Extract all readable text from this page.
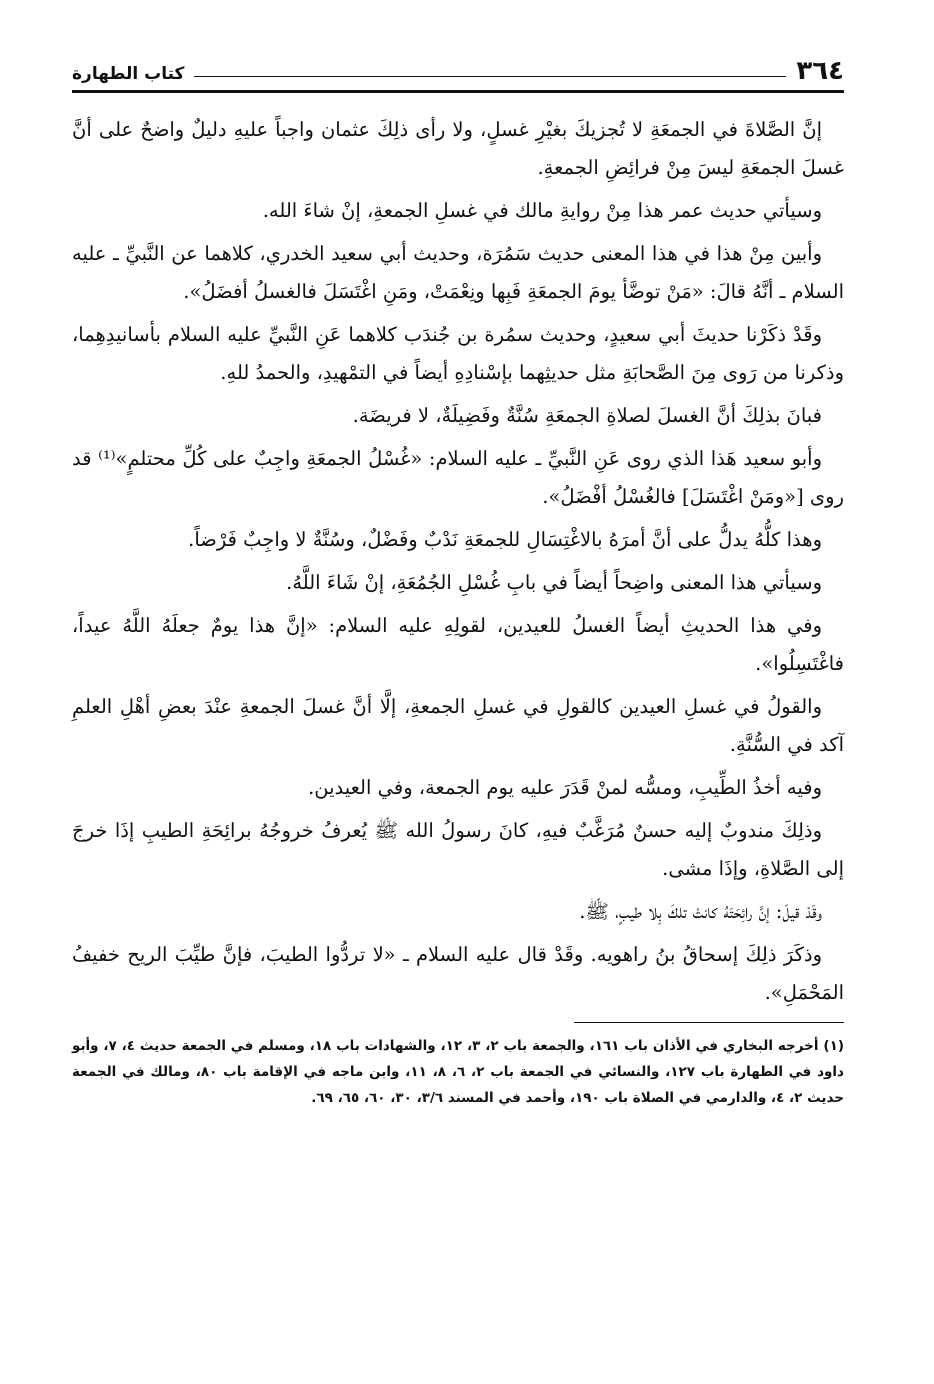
٣٦٤
كتاب الطهارة

إنَّ الصَّلاةَ في الجمعَةِ لا تُجزيكَ بغيْرِ غسلٍ، ولا رأى ذلِكَ عثمان واجباً عليهِ دليلٌ واضحٌ على أنَّ غسلَ الجمعَةِ ليسَ مِنْ فرائِضِ الجمعةِ.

وسيأتي حديث عمر هذا مِنْ روايةِ مالك في غسلِ الجمعةِ، إنْ شاءَ الله.

وأبين مِنْ هذا في هذا المعنى حديث سَمُرَة، وحديث أبي سعيد الخدري، كلاهما عن النَّبيِّ ـ عليه السلام ـ أنَّهُ قالَ: «مَنْ توضَّأ يومَ الجمعَةِ فَبِها ونِعْمَتْ، ومَنِ اغْتَسَلَ فالغسلُ أفضَلُ».

وقَدْ ذكَرْنا حديثَ أبي سعيدٍ، وحديث سمُرة بن جُندَب كلاهما عَنِ النَّبيِّ عليه السلام بأسانيدِهِما، وذكرنا من رَوى مِنَ الصَّحابَةِ مثل حديثِهما بإسْنادِهِ أيضاً في التمْهيدِ، والحمدُ للهِ.

فبانَ بذلِكَ أنَّ الغسلَ لصلاةِ الجمعَةِ سُنَّةٌ وفَضِيلَةٌ، لا فريضَة.

وأبو سعيد هَذا الذي روى عَنِ النَّبيِّ ـ عليه السلام: «غُسْلُ الجمعَةِ واجِبٌ على كُلِّ محتلمٍ»⁽¹⁾ قد روى [«ومَنْ اغْتَسَلَ] فالغُسْلُ أفْضَلُ».

وهذا كلُّهُ يدلُّ على أنَّ أمرَهُ بالاغْتِسَالِ للجمعَةِ نَدْبٌ وفَضْلٌ، وسُنَّةٌ لا واجِبٌ فَرْضاً.

وسيأتي هذا المعنى واضِحاً أيضاً في بابِ غُسْلِ الجُمُعَةِ، إنْ شَاءَ اللَّهُ.

وفي هذا الحديثِ أيضاً الغسلُ للعيدين، لقولِهِ عليه السلام: «إنَّ هذا يومٌ جعلَهُ اللَّهُ عيداً، فاغْتَسِلُوا».

والقولُ في غسلِ العيدين كالقولِ في غسلِ الجمعةِ، إلَّا أنَّ غسلَ الجمعةِ عنْدَ بعضِ أهْلِ العلمِ آكد في السُّنَّةِ.

وفيه أخذُ الطِّيبِ، ومسُّه لمنْ قَدَرَ عليه يوم الجمعة، وفي العيدين.

وذلِكَ مندوبٌ إليه حسنٌ مُرَغَّبٌ فيهِ، كانَ رسولُ الله ﷺ يُعرفُ خروجُهُ برائِحَةِ الطيبِ إذَا خرجَ إلى الصَّلاةِ، وإذَا مشى.

وقَدْ قيلَ: إنَّ رائِحَتَهُ كانتْ تلكَ بِلا طيبٍ، ﷺ.

وذكَرَ ذلِكَ إسحاقُ بنُ راهويه. وقَدْ قال عليه السلام ـ «لا تردُّوا الطيبَ، فإنَّ طيِّبَ الريح خفيفُ المَحْمَلِ».

(١) أخرجه البخاري في الأذان باب ١٦١، والجمعة باب ٢، ٣، ١٢، والشهادات باب ١٨، ومسلم في الجمعة حديث ٤، ٧، وأبو داود في الطهارة باب ١٢٧، والنسائي في الجمعة باب ٢، ٦، ٨، ١١، وابن ماجه في الإقامة باب ٨٠، ومالك في الجمعة حديث ٢، ٤، والدارمي في الصلاة باب ١٩٠، وأحمد في المسند ٣/٦، ٣٠، ٦٠، ٦٥، ٦٩.
